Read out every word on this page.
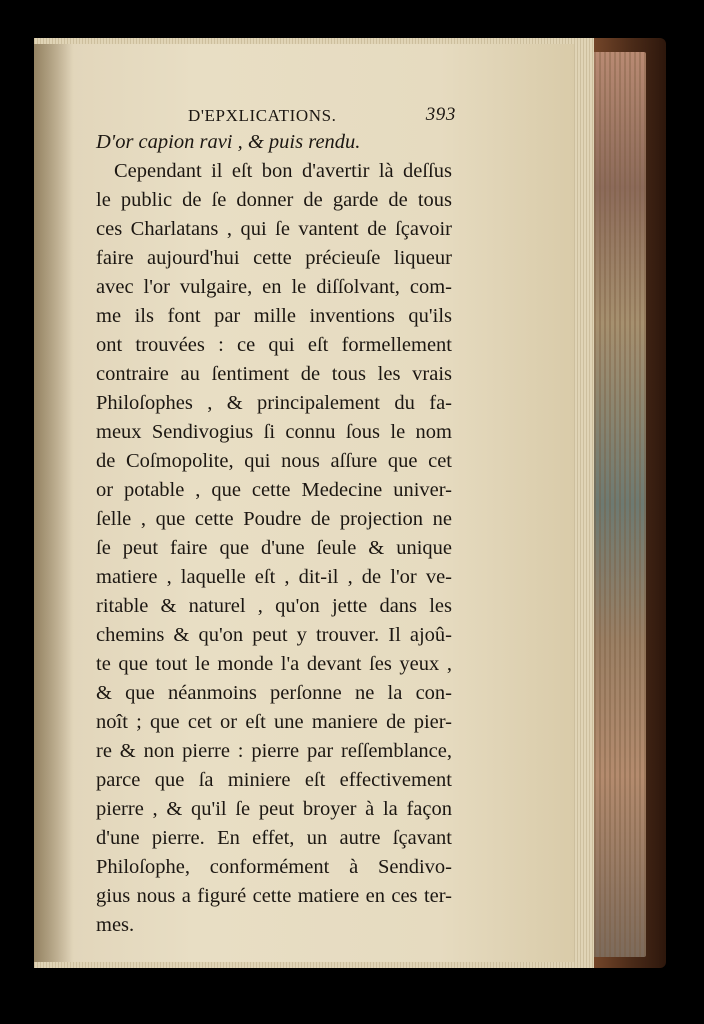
D'EPXLICATIONS.	393
D'or capion ravi , & puis rendu.
Cependant il eſt bon d'avertir là deſſus
le public de ſe donner de garde de tous
ces Charlatans , qui ſe vantent de ſçavoir
faire aujourd'hui cette précieuſe liqueur
avec l'or vulgaire, en le diſſolvant, com-
me ils font par mille inventions qu'ils
ont trouvées : ce qui eſt formellement
contraire au ſentiment de tous les vrais
Philoſophes , & principalement du fa-
meux Sendivogius ſi connu ſous le nom
de Coſmopolite, qui nous aſſure que cet
or potable , que cette Medecine univer-
ſelle , que cette Poudre de projection ne
ſe peut faire que d'une ſeule & unique
matiere , laquelle eſt , dit-il , de l'or ve-
ritable & naturel , qu'on jette dans les
chemins & qu'on peut y trouver. Il ajoû-
te que tout le monde l'a devant ſes yeux ,
& que néanmoins perſonne ne la con-
noît ; que cet or eſt une maniere de pier-
re & non pierre : pierre par reſſemblance,
parce que ſa miniere eſt effectivement
pierre , & qu'il ſe peut broyer à la façon
d'une pierre. En effet, un autre ſçavant
Philoſophe, conformément à Sendivo-
gius nous a figuré cette matiere en ces ter-
mes.
